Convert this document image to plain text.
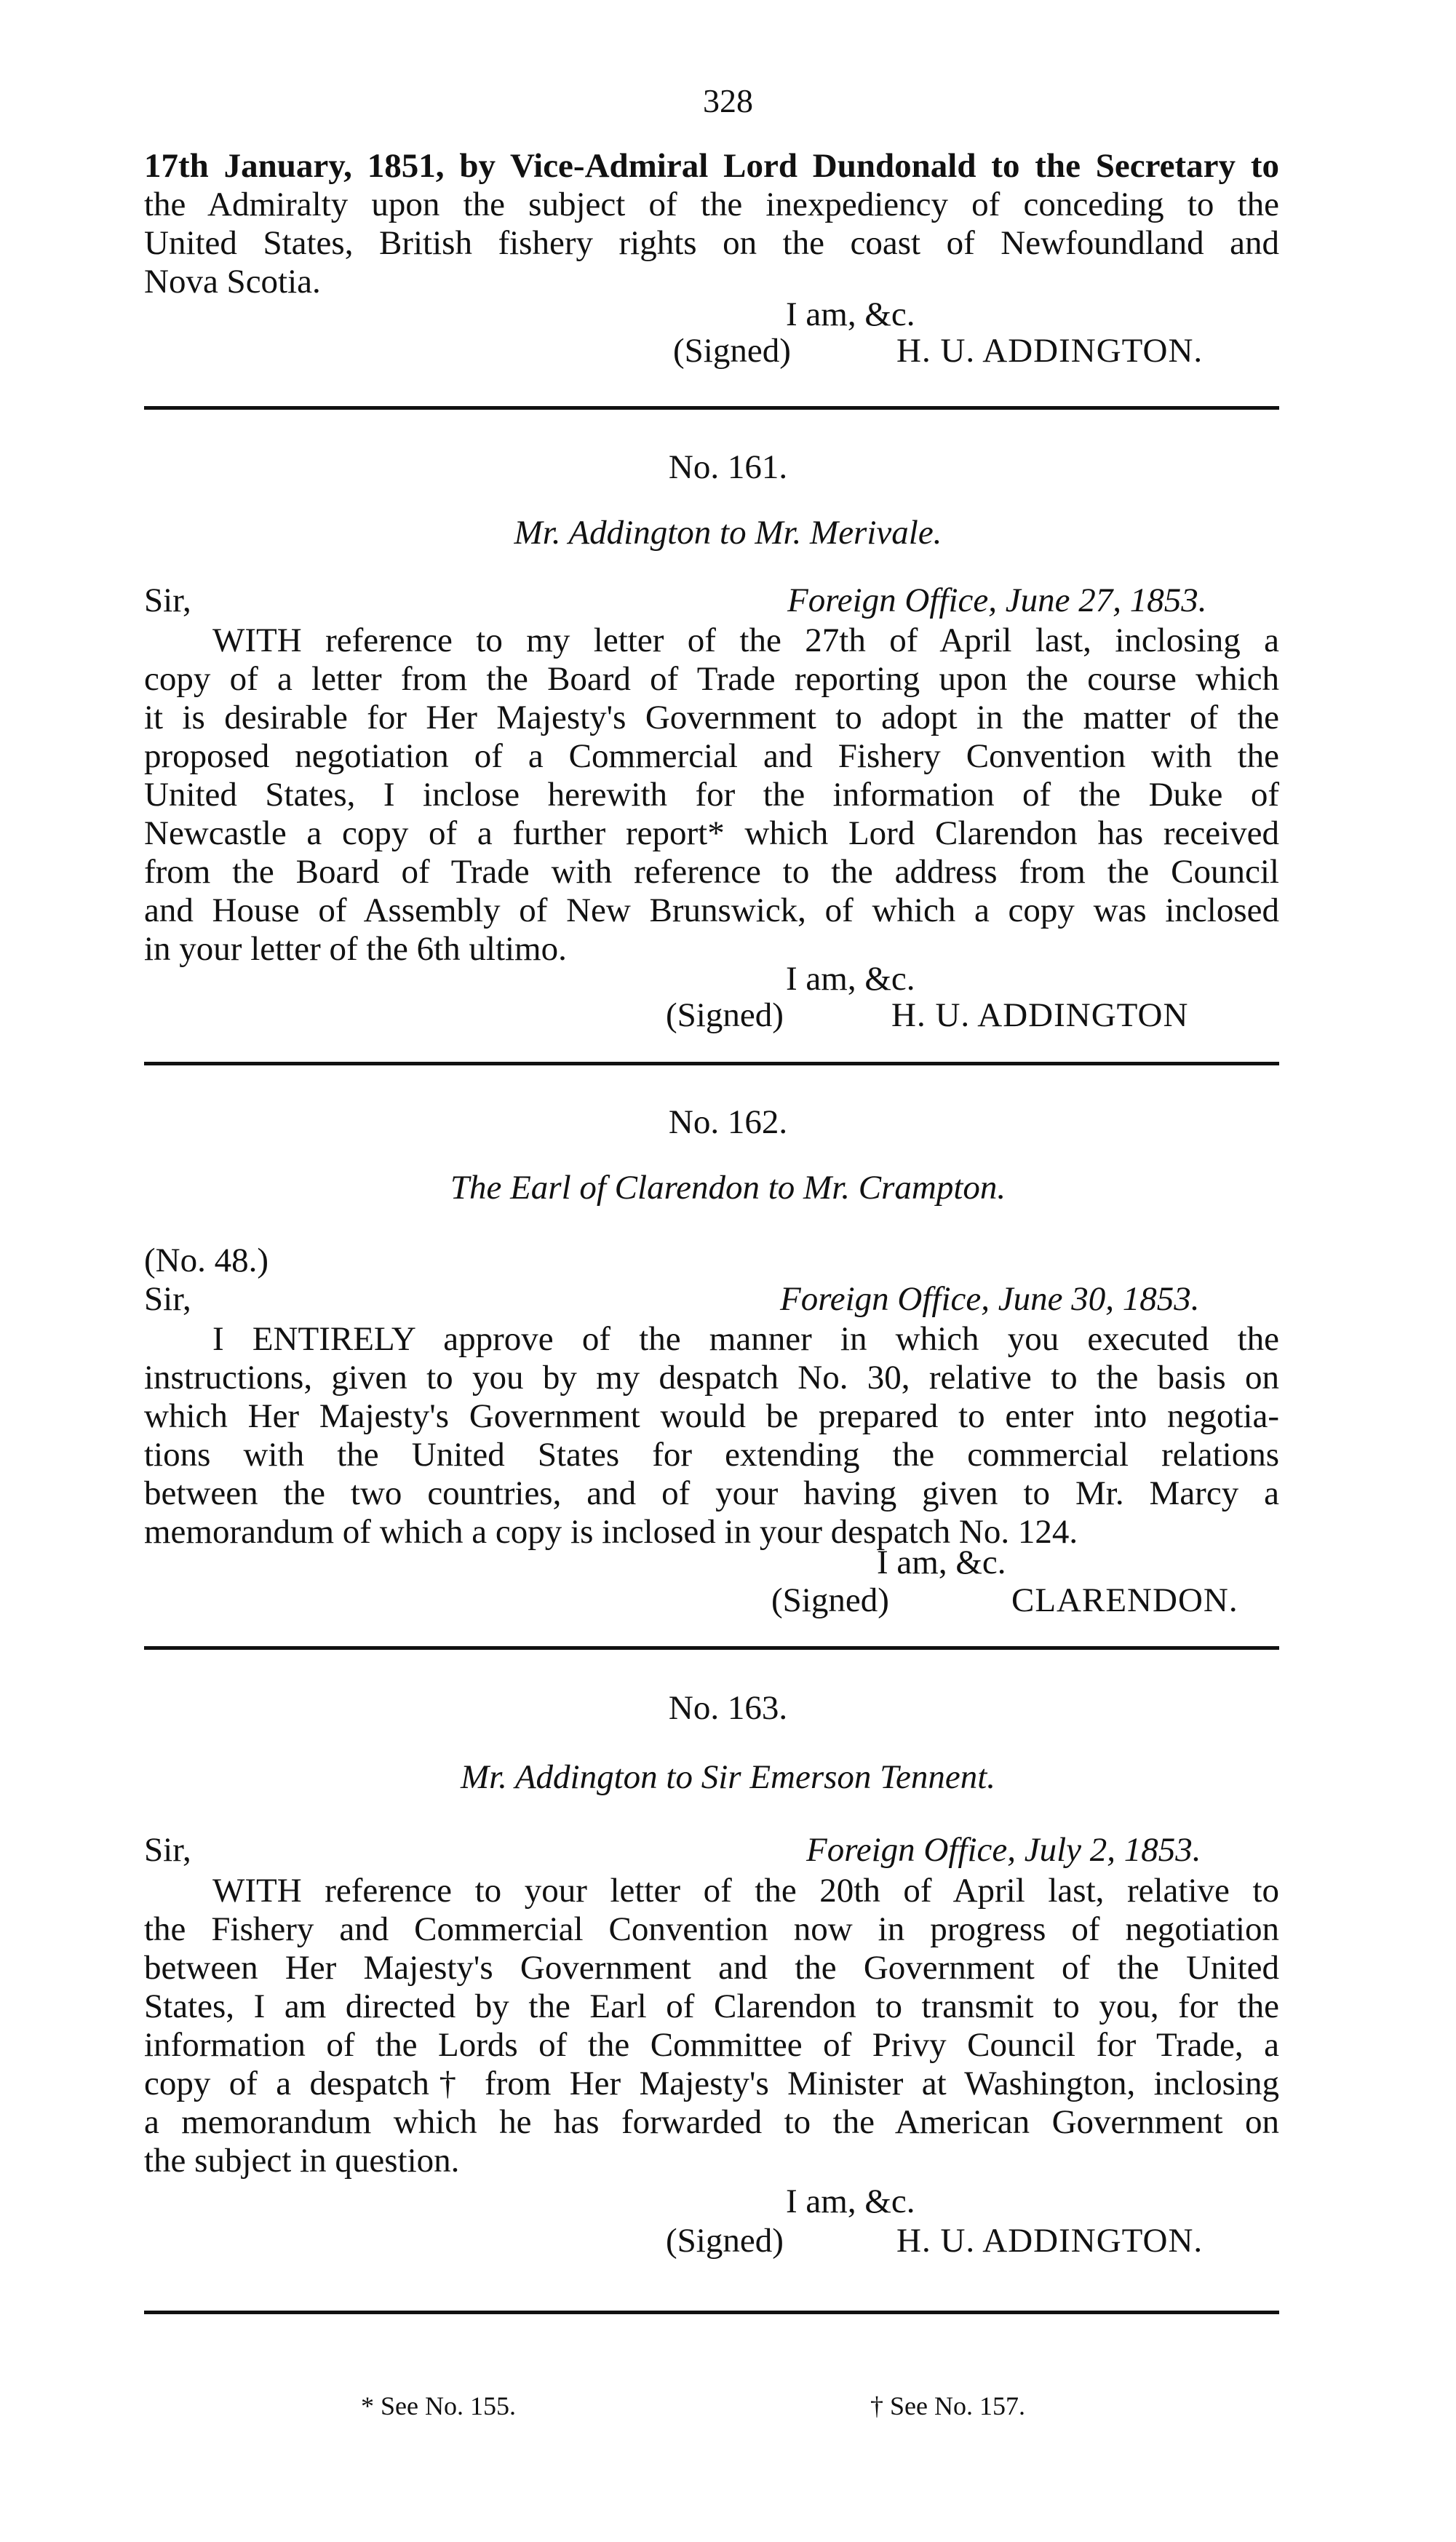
328
17th January, 1851, by Vice-Admiral Lord Dundonald to the Secretary to
the Admiralty upon the subject of the inexpediency of conceding to the
United States, British fishery rights on the coast of Newfoundland and
Nova Scotia.
I am, &c.
(Signed)	H. U. ADDINGTON.
No. 161.
Mr. Addington to Mr. Merivale.
Sir,	Foreign Office, June 27, 1853.
WITH reference to my letter of the 27th of April last, inclosing a
copy of a letter from the Board of Trade reporting upon the course which
it is desirable for Her Majesty's Government to adopt in the matter of the
proposed negotiation of a Commercial and Fishery Convention with the
United States, I inclose herewith for the information of the Duke of
Newcastle a copy of a further report* which Lord Clarendon has received
from the Board of Trade with reference to the address from the Council
and House of Assembly of New Brunswick, of which a copy was inclosed
in your letter of the 6th ultimo.
I am, &c.
(Signed)	H. U. ADDINGTON
No. 162.
The Earl of Clarendon to Mr. Crampton.
(No. 48.)
Sir,	Foreign Office, June 30, 1853.
I ENTIRELY approve of the manner in which you executed the
instructions, given to you by my despatch No. 30, relative to the basis on
which Her Majesty's Government would be prepared to enter into negotia-
tions with the United States for extending the commercial relations
between the two countries, and of your having given to Mr. Marcy a
memorandum of which a copy is inclosed in your despatch No. 124.
I am, &c.
(Signed)	CLARENDON.
No. 163.
Mr. Addington to Sir Emerson Tennent.
Sir,	Foreign Office, July 2, 1853.
WITH reference to your letter of the 20th of April last, relative to
the Fishery and Commercial Convention now in progress of negotiation
between Her Majesty's Government and the Government of the United
States, I am directed by the Earl of Clarendon to transmit to you, for the
information of the Lords of the Committee of Privy Council for Trade, a
copy of a despatch† from Her Majesty's Minister at Washington, inclosing
a memorandum which he has forwarded to the American Government on
the subject in question.
I am, &c.
(Signed)	H. U. ADDINGTON.
* See No. 155.	† See No. 157.
